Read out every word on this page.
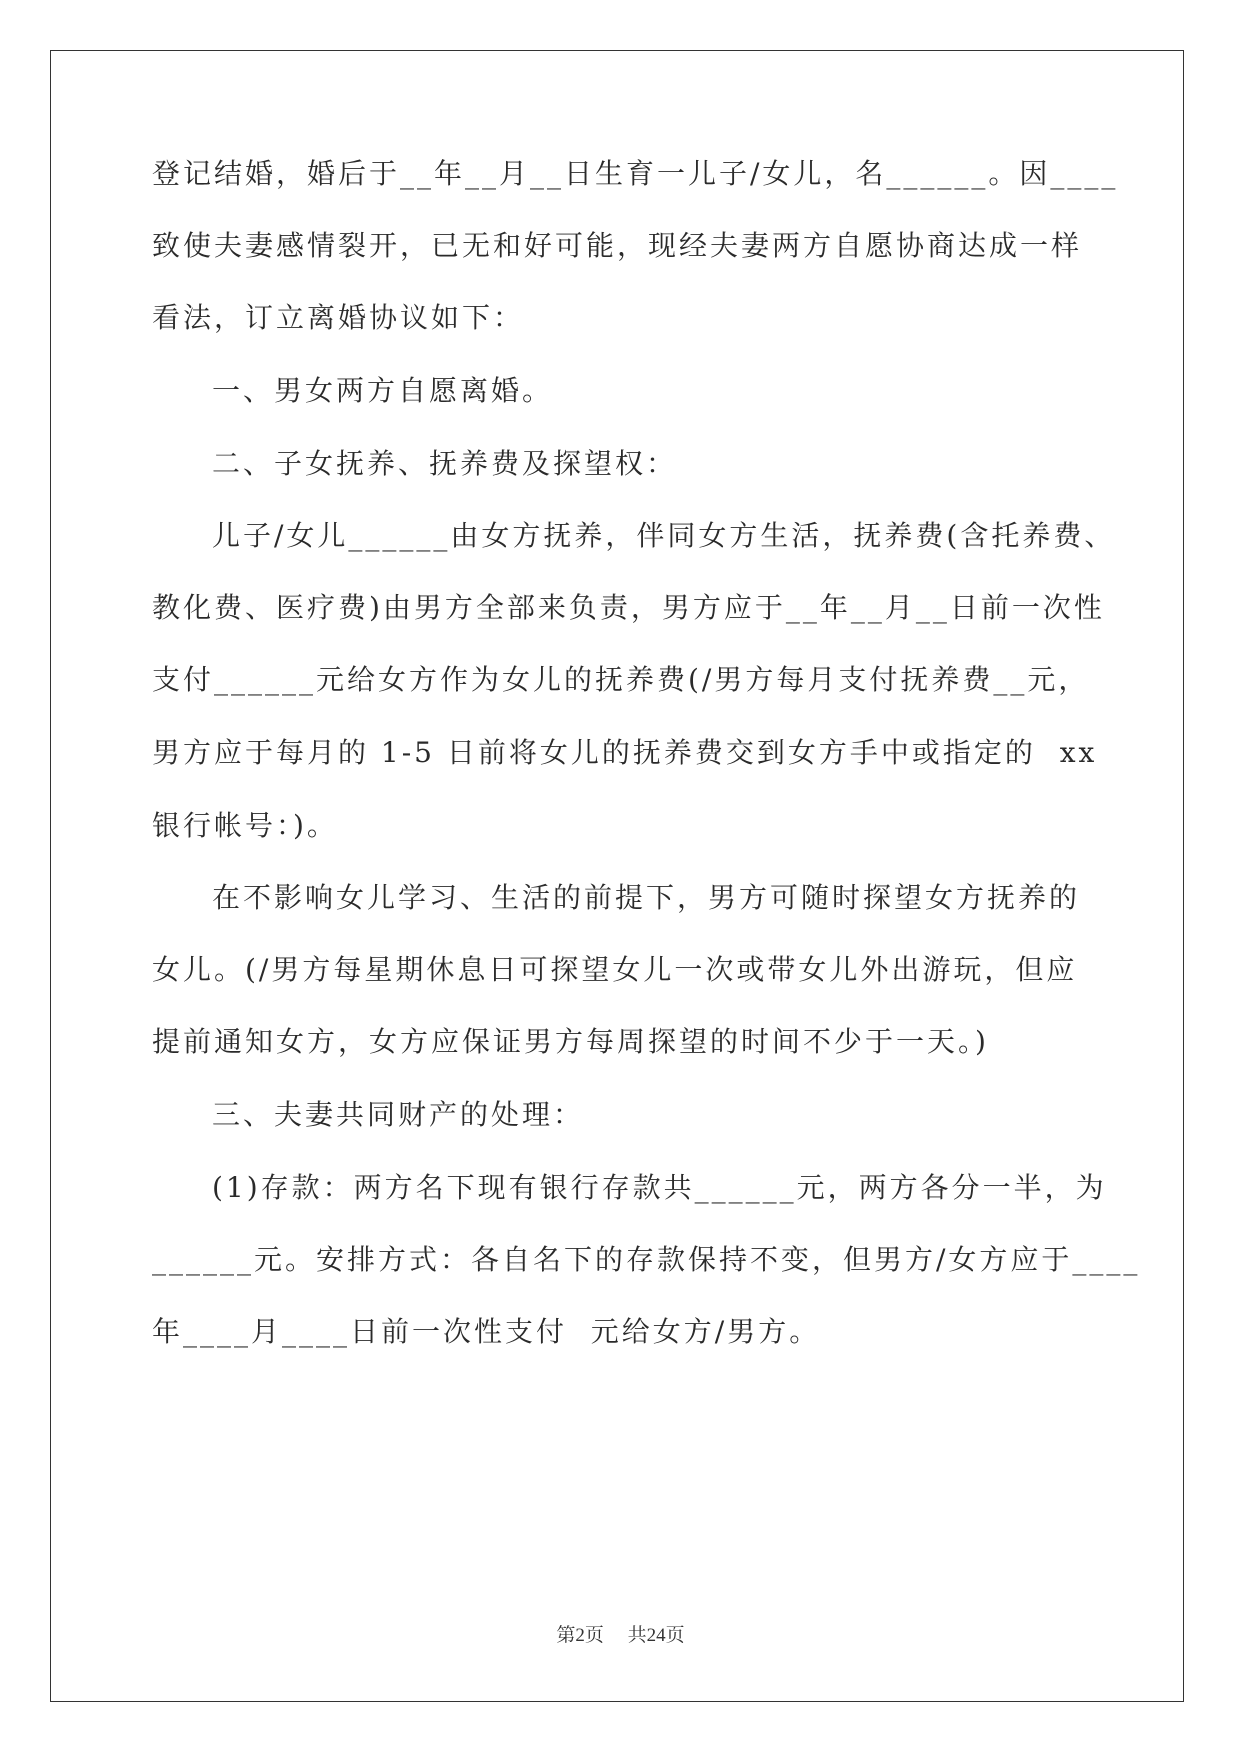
登记结婚，婚后于__年__月__日生育一儿子/女儿，名______。因____
致使夫妻感情裂开，已无和好可能，现经夫妻两方自愿协商达成一样
看法，订立离婚协议如下：
一、男女两方自愿离婚。
二、子女抚养、抚养费及探望权：
儿子/女儿______由女方抚养，伴同女方生活，抚养费(含托养费、
教化费、医疗费)由男方全部来负责，男方应于__年__月__日前一次性
支付______元给女方作为女儿的抚养费(/男方每月支付抚养费__元，
男方应于每月的 1-5 日前将女儿的抚养费交到女方手中或指定的  xx
银行帐号：)。
在不影响女儿学习、生活的前提下，男方可随时探望女方抚养的
女儿。(/男方每星期休息日可探望女儿一次或带女儿外出游玩，但应
提前通知女方，女方应保证男方每周探望的时间不少于一天。)
三、夫妻共同财产的处理：
(1)存款：两方名下现有银行存款共______元，两方各分一半，为
______元。安排方式：各自名下的存款保持不变，但男方/女方应于____
年____月____日前一次性支付  元给女方/男方。
第2页 共24页
